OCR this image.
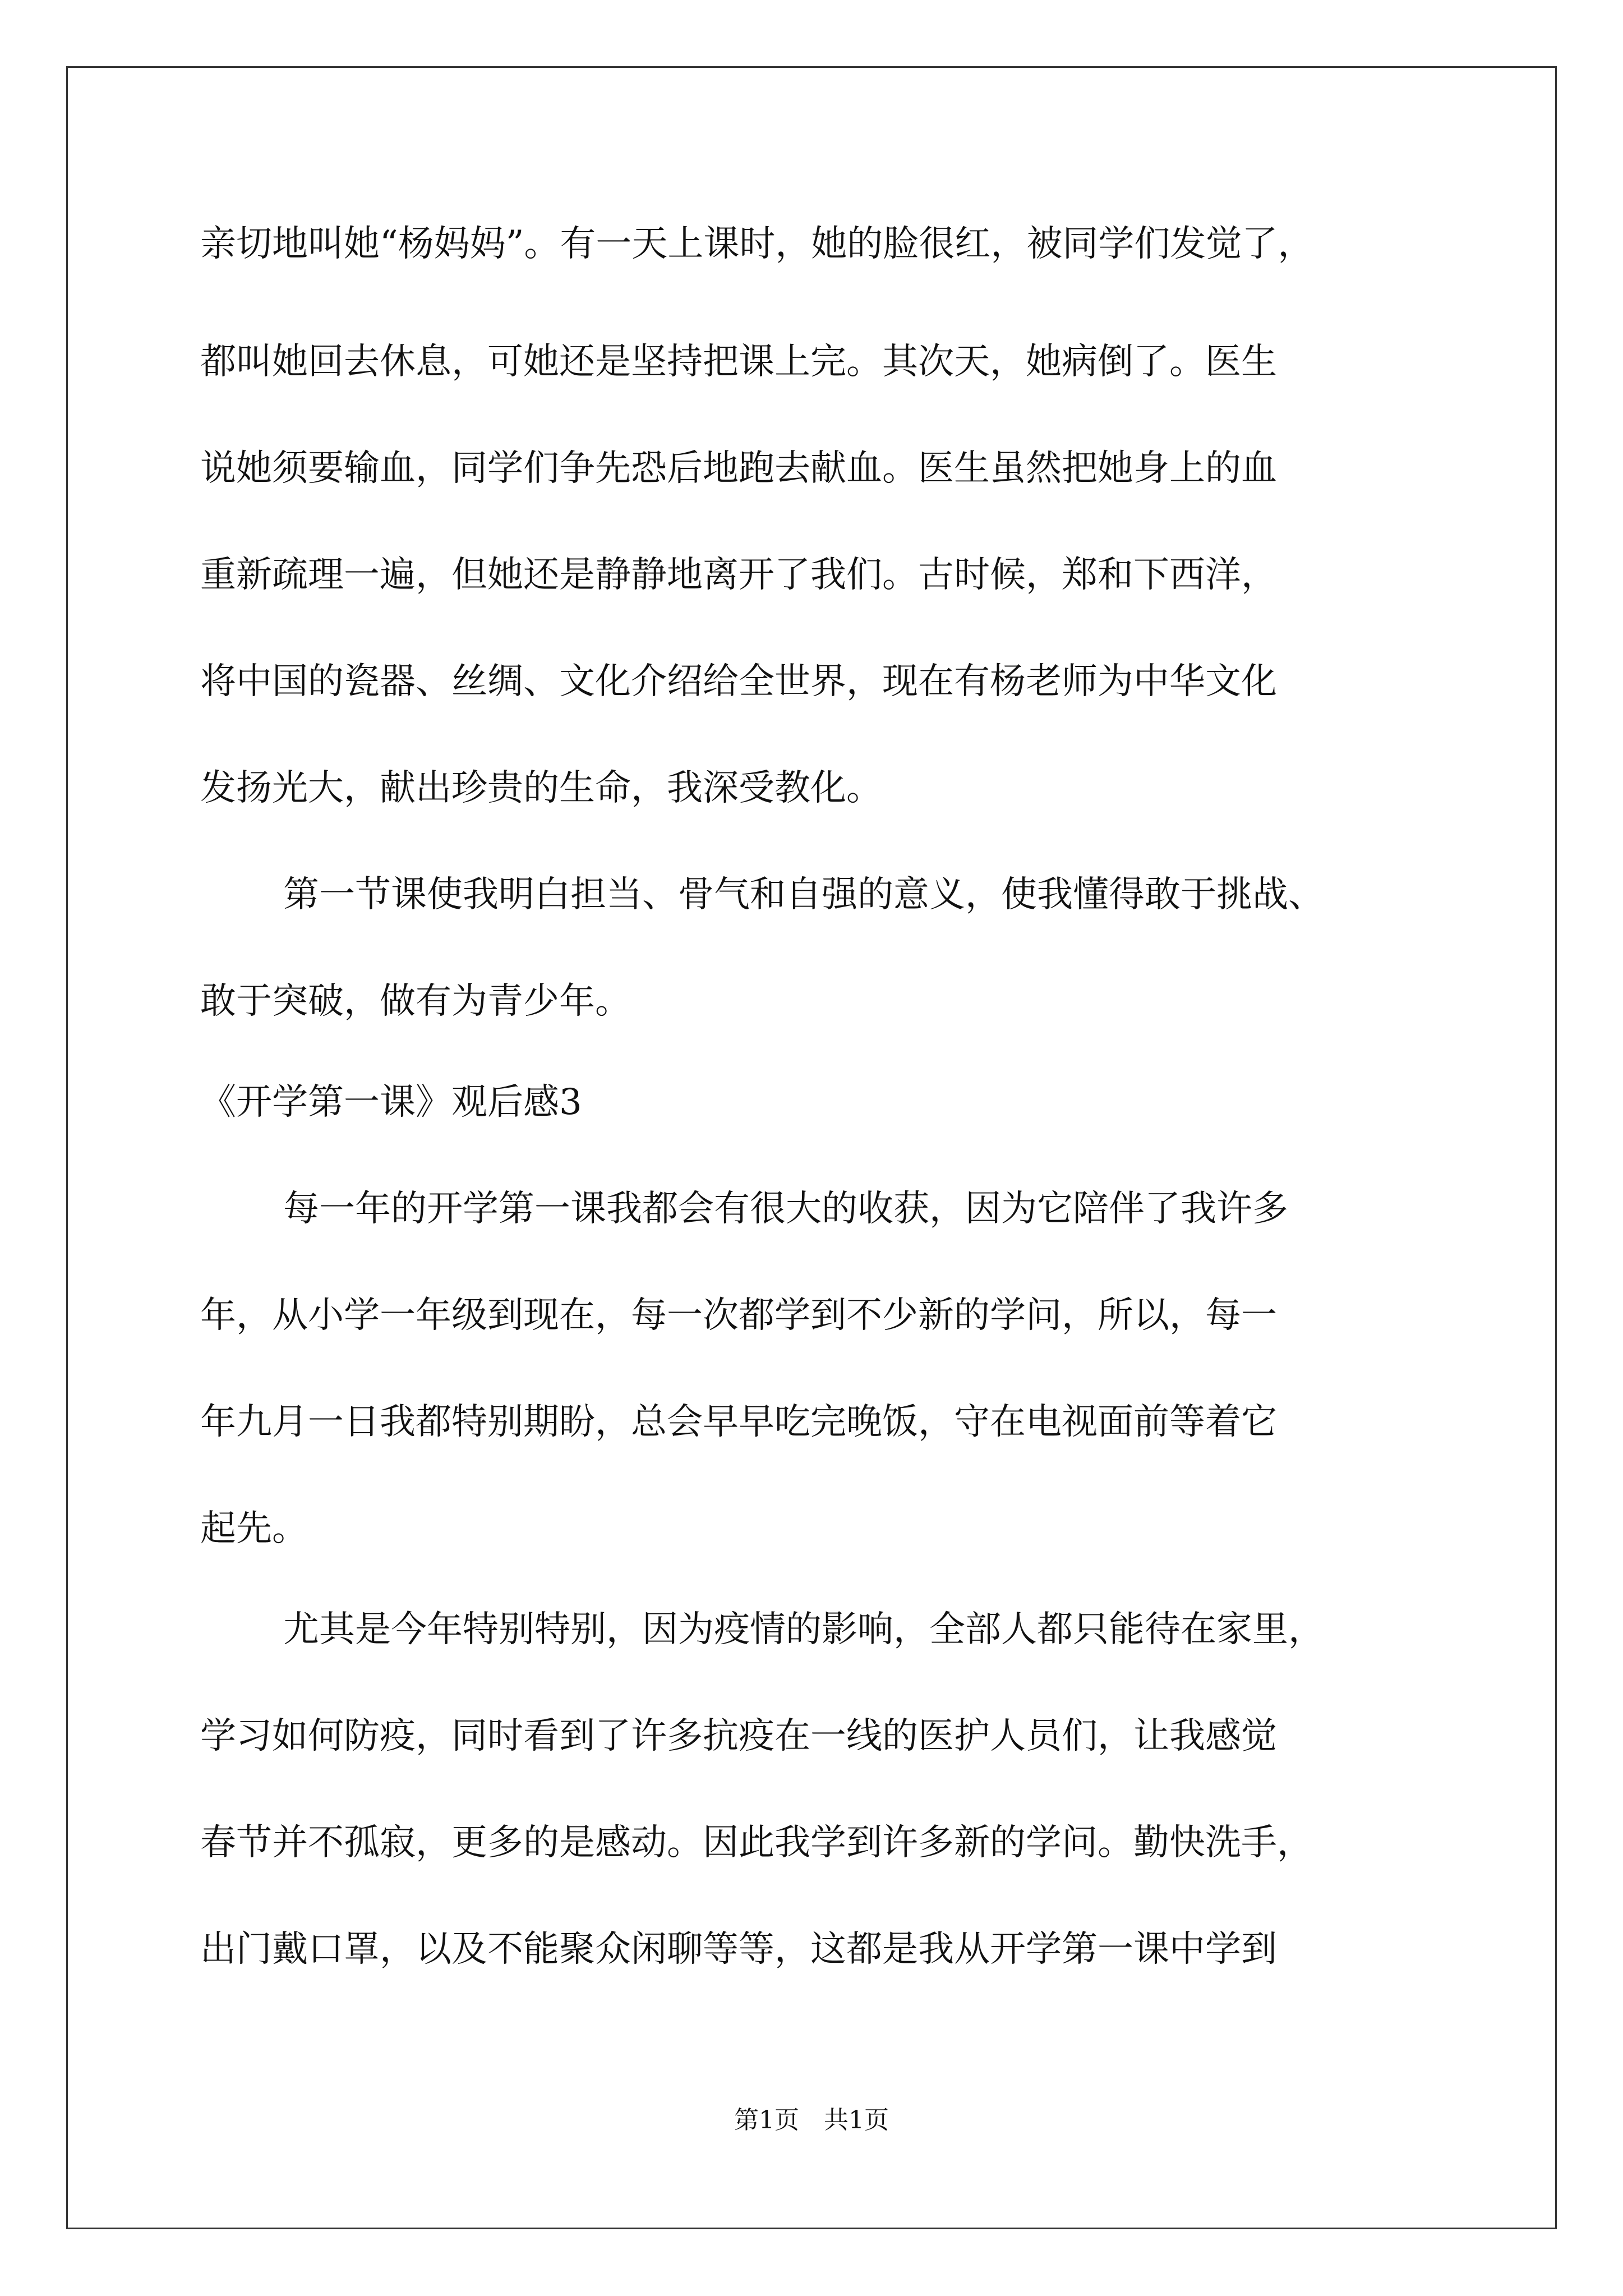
亲切地叫她“杨妈妈”。有一天上课时，她的脸很红，被同学们发觉了，
都叫她回去休息，可她还是坚持把课上完。其次天，她病倒了。医生
说她须要输血，同学们争先恐后地跑去献血。医生虽然把她身上的血
重新疏理一遍，但她还是静静地离开了我们。古时候，郑和下西洋，
将中国的瓷器、丝绸、文化介绍给全世界，现在有杨老师为中华文化
发扬光大，献出珍贵的生命，我深受教化。
第一节课使我明白担当、骨气和自强的意义，使我懂得敢于挑战、
敢于突破，做有为青少年。
《开学第一课》观后感3
每一年的开学第一课我都会有很大的收获，因为它陪伴了我许多
年，从小学一年级到现在，每一次都学到不少新的学问，所以，每一
年九月一日我都特别期盼，总会早早吃完晚饭，守在电视面前等着它
起先。
尤其是今年特别特别，因为疫情的影响，全部人都只能待在家里，
学习如何防疫，同时看到了许多抗疫在一线的医护人员们，让我感觉
春节并不孤寂，更多的是感动。因此我学到许多新的学问。勤快洗手，
出门戴口罩，以及不能聚众闲聊等等，这都是我从开学第一课中学到
第1页　共1页
